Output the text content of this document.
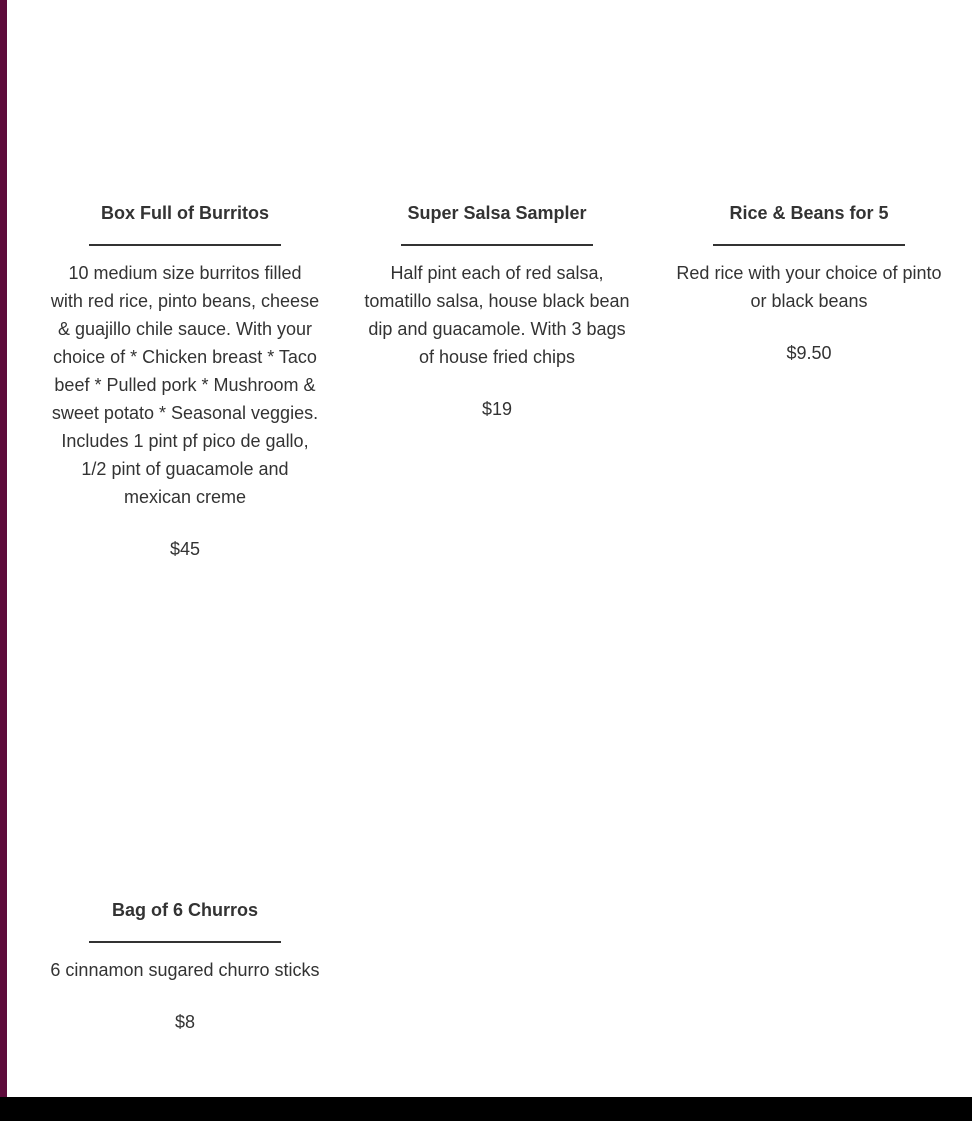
Box Full of Burritos

10 medium size burritos filled with red rice, pinto beans, cheese & guajillo chile sauce. With your choice of * Chicken breast * Taco beef * Pulled pork * Mushroom & sweet potato * Seasonal veggies. Includes 1 pint pf pico de gallo, 1/2 pint of guacamole and mexican creme

$45

Super Salsa Sampler

Half pint each of red salsa, tomatillo salsa, house black bean dip and guacamole. With 3 bags of house fried chips

$19

Rice & Beans for 5

Red rice with your choice of pinto or black beans

$9.50

Bag of 6 Churros

6 cinnamon sugared churro sticks

$8
